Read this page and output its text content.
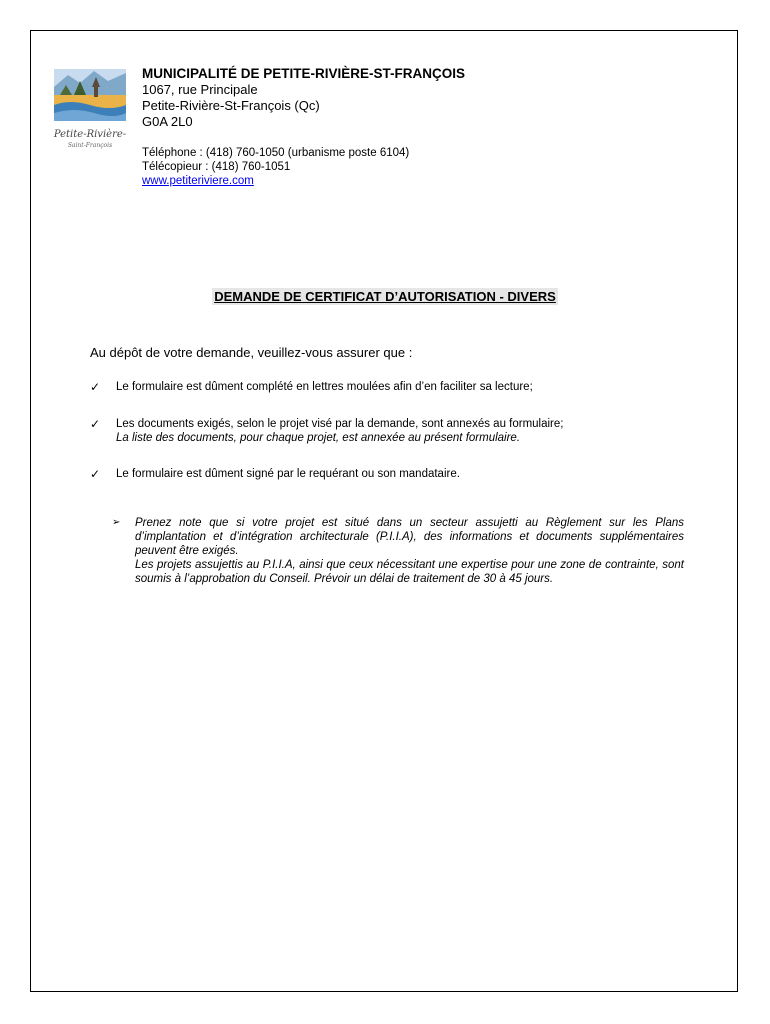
Petite-Rivière-
Saint-François
MUNICIPALITÉ DE PETITE-RIVIÈRE-ST-FRANÇOIS
1067, rue Principale
Petite-Rivière-St-François (Qc)
G0A 2L0
Téléphone : (418) 760-1050 (urbanisme poste 6104)
Télécopieur : (418) 760-1051
www.petiteriviere.com
DEMANDE DE CERTIFICAT D’AUTORISATION - DIVERS
Au dépôt de votre demande, veuillez-vous assurer que :
✓ Le formulaire est dûment complété en lettres moulées afin d’en faciliter sa lecture;
✓ Les documents exigés, selon le projet visé par la demande, sont annexés au formulaire;
La liste des documents, pour chaque projet, est annexée au présent formulaire.
✓ Le formulaire est dûment signé par le requérant ou son mandataire.
➢ Prenez note que si votre projet est situé dans un secteur assujetti au Règlement sur les Plans d’implantation et d’intégration architecturale (P.I.I.A), des informations et documents supplémentaires peuvent être exigés.
Les projets assujettis au P.I.I.A, ainsi que ceux nécessitant une expertise pour une zone de contrainte, sont soumis à l’approbation du Conseil. Prévoir un délai de traitement de 30 à 45 jours.
